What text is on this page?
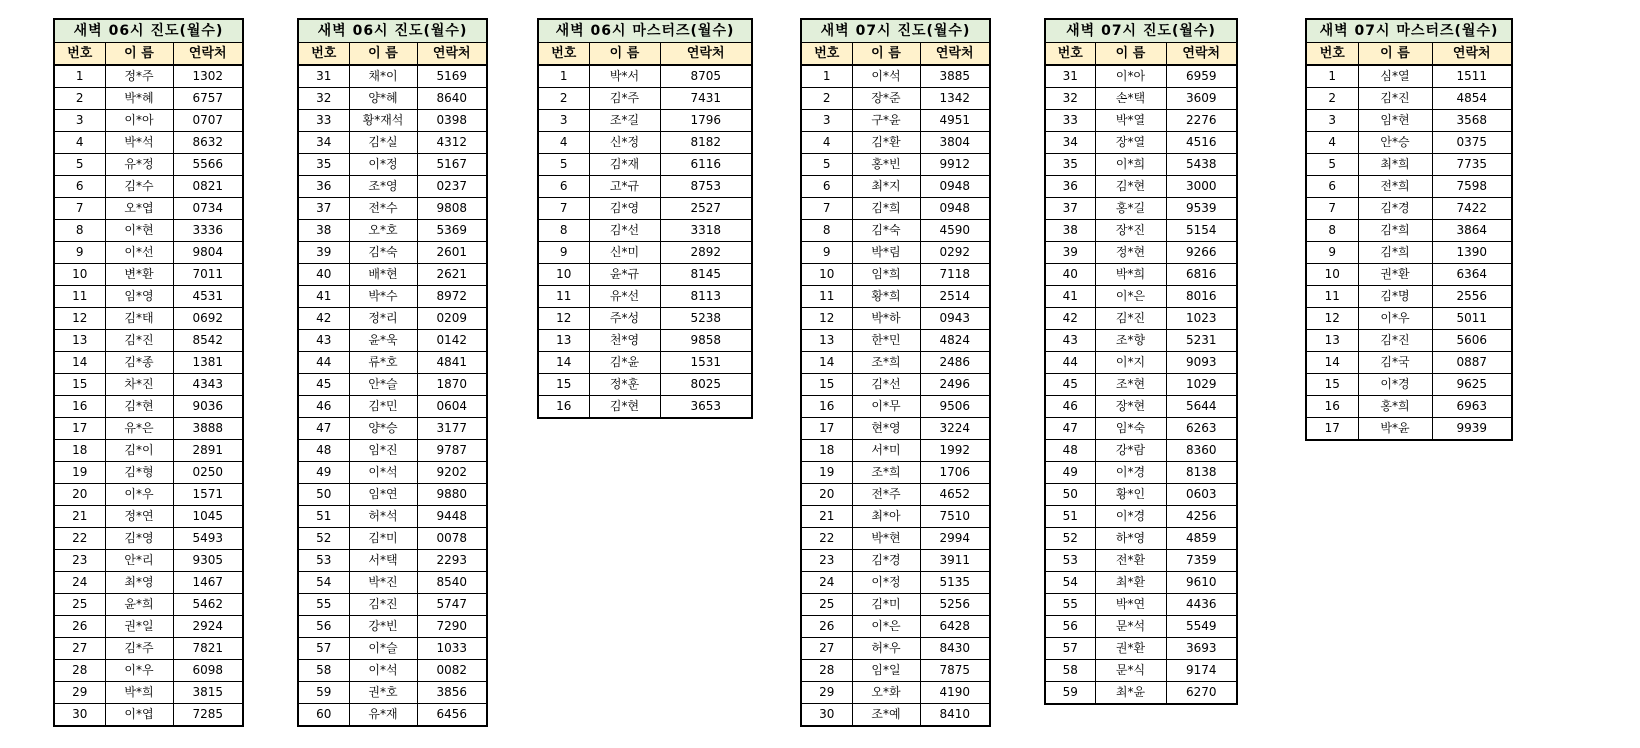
새벽 06시 진도(월수)		
번호	이 름	연락처
1	정*주	1302
2	박*혜	6757
3	이*아	0707
4	박*석	8632
5	유*정	5566
6	김*수	0821
7	오*엽	0734
8	이*현	3336
9	이*선	9804
10	변*환	7011
11	임*영	4531
12	김*태	0692
13	김*진	8542
14	김*종	1381
15	차*진	4343
16	김*현	9036
17	유*은	3888
18	김*이	2891
19	김*형	0250
20	이*우	1571
21	정*연	1045
22	김*영	5493
23	안*리	9305
24	최*영	1467
25	윤*희	5462
26	권*일	2924
27	김*주	7821
28	이*우	6098
29	박*희	3815
30	이*엽	7285
새벽 06시 진도(월수)		
번호	이 름	연락처
31	채*이	5169
32	양*혜	8640
33	황*재석	0398
34	김*실	4312
35	이*정	5167
36	조*영	0237
37	전*수	9808
38	오*호	5369
39	김*숙	2601
40	배*현	2621
41	박*수	8972
42	정*리	0209
43	윤*욱	0142
44	류*호	4841
45	안*슬	1870
46	김*민	0604
47	양*승	3177
48	임*진	9787
49	이*석	9202
50	임*연	9880
51	허*석	9448
52	김*미	0078
53	서*택	2293
54	박*진	8540
55	김*진	5747
56	강*빈	7290
57	이*슬	1033
58	이*석	0082
59	권*호	3856
60	유*재	6456
새벽 06시 마스터즈(월수)		
번호	이 름	연락처
1	박*서	8705
2	김*주	7431
3	조*길	1796
4	신*정	8182
5	김*재	6116
6	고*규	8753
7	김*영	2527
8	김*선	3318
9	신*미	2892
10	윤*규	8145
11	유*선	8113
12	주*성	5238
13	천*영	9858
14	김*윤	1531
15	정*훈	8025
16	김*현	3653
새벽 07시 진도(월수)		
번호	이 름	연락처
1	이*석	3885
2	장*준	1342
3	구*윤	4951
4	김*환	3804
5	홍*빈	9912
6	최*지	0948
7	김*희	0948
8	김*숙	4590
9	박*림	0292
10	임*희	7118
11	황*희	2514
12	박*하	0943
13	한*민	4824
14	조*희	2486
15	김*선	2496
16	이*무	9506
17	현*영	3224
18	서*미	1992
19	조*희	1706
20	전*주	4652
21	최*아	7510
22	박*현	2994
23	김*경	3911
24	이*정	5135
25	김*미	5256
26	이*은	6428
27	허*우	8430
28	임*일	7875
29	오*화	4190
30	조*예	8410
새벽 07시 진도(월수)		
번호	이 름	연락처
31	이*아	6959
32	손*택	3609
33	박*열	2276
34	장*열	4516
35	이*희	5438
36	김*현	3000
37	홍*길	9539
38	장*진	5154
39	정*현	9266
40	박*희	6816
41	이*은	8016
42	김*진	1023
43	조*향	5231
44	이*지	9093
45	조*현	1029
46	장*현	5644
47	임*숙	6263
48	강*람	8360
49	이*경	8138
50	황*인	0603
51	이*경	4256
52	하*영	4859
53	전*환	7359
54	최*환	9610
55	박*연	4436
56	문*석	5549
57	권*환	3693
58	문*식	9174
59	최*윤	6270
새벽 07시 마스터즈(월수)		
번호	이 름	연락처
1	심*열	1511
2	김*진	4854
3	임*현	3568
4	안*승	0375
5	최*희	7735
6	전*희	7598
7	김*경	7422
8	김*희	3864
9	김*희	1390
10	권*환	6364
11	김*명	2556
12	이*우	5011
13	김*진	5606
14	김*국	0887
15	이*경	9625
16	홍*희	6963
17	박*윤	9939
